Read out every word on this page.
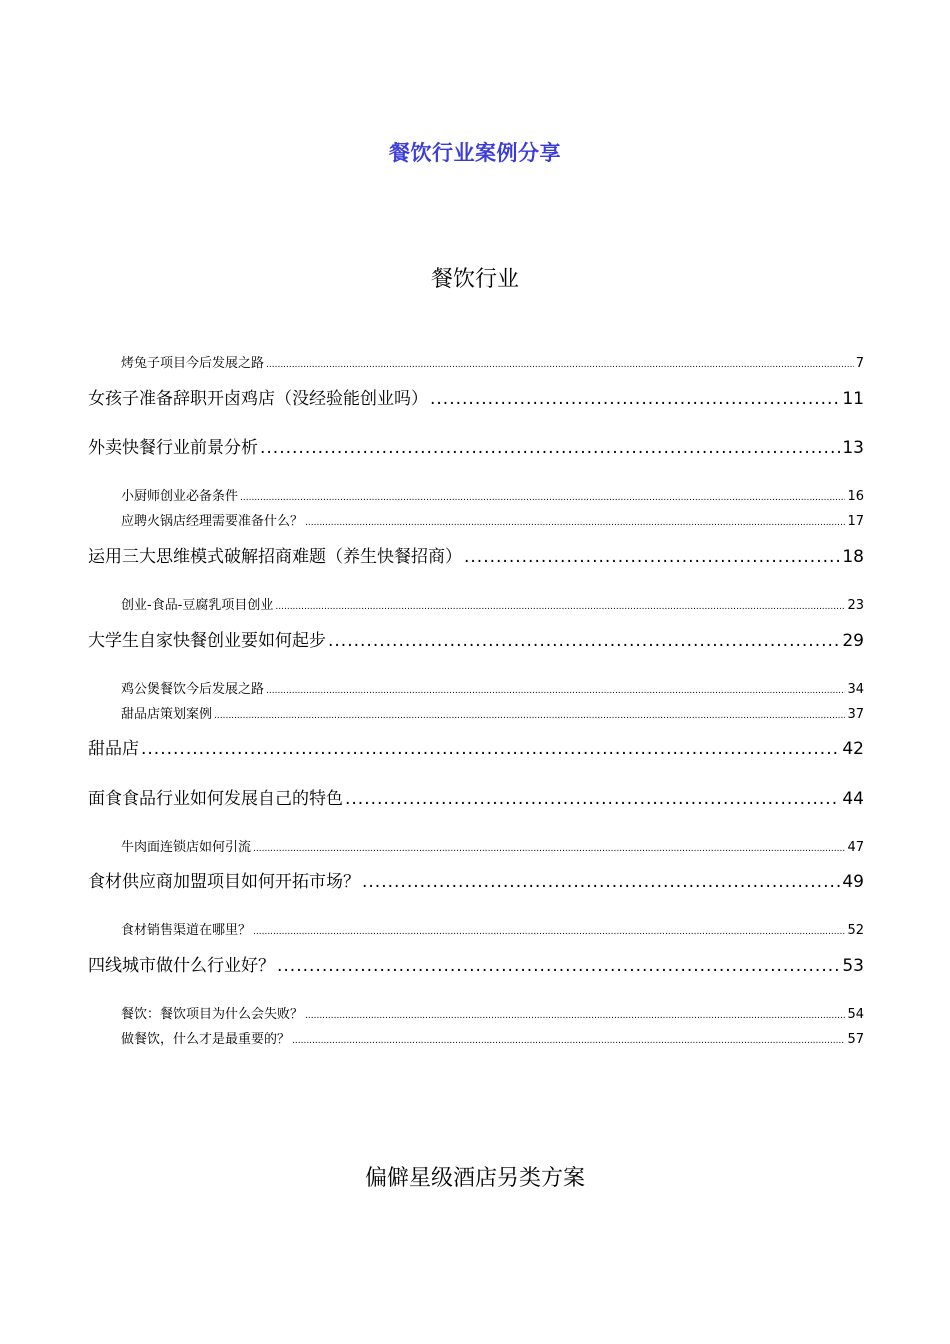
餐饮行业案例分享
餐饮行业
烤兔子项目今后发展之路 .....	7
女孩子准备辞职开卤鸡店（没经验能创业吗） .....	11
外卖快餐行业前景分析 .....	13
小厨师创业必备条件 .....	16
应聘火锅店经理需要准备什么？ .....	17
运用三大思维模式破解招商难题（养生快餐招商） .....	18
创业-食品-豆腐乳项目创业 .....	23
大学生自家快餐创业要如何起步 .....	29
鸡公煲餐饮今后发展之路 .....	34
甜品店策划案例 .....	37
甜品店 .....	42
面食食品行业如何发展自己的特色 .....	44
牛肉面连锁店如何引流 .....	47
食材供应商加盟项目如何开拓市场？ .....	49
食材销售渠道在哪里？ .....	52
四线城市做什么行业好？ .....	53
餐饮：餐饮项目为什么会失败？ .....	54
做餐饮，什么才是最重要的？ .....	57
偏僻星级酒店另类方案
